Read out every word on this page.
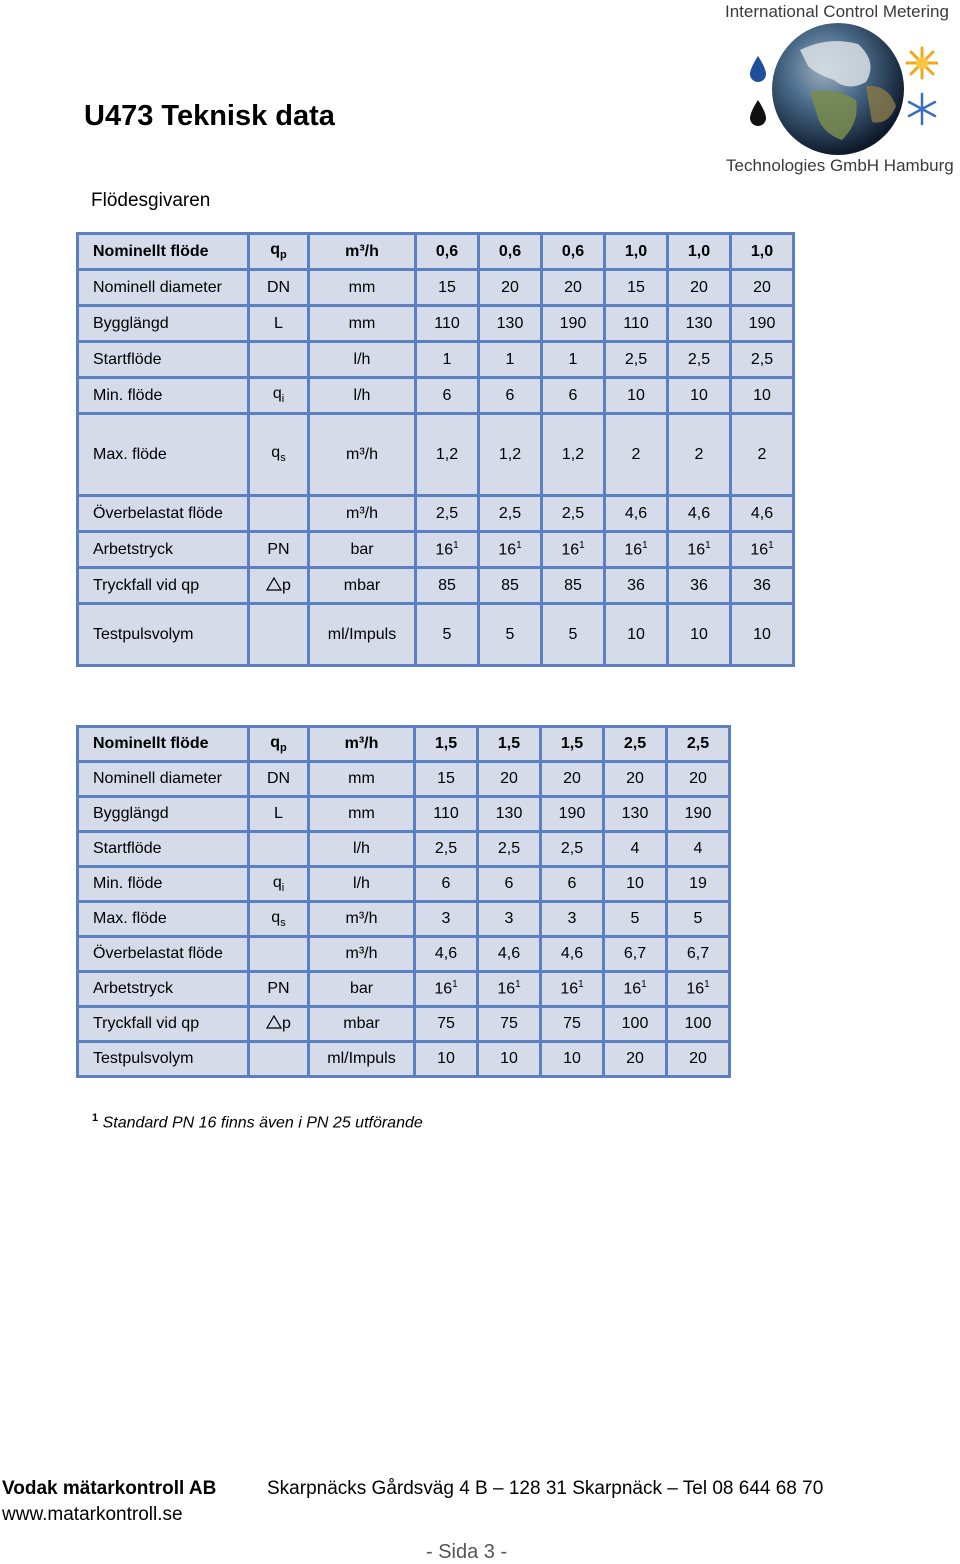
International Control Metering
Technologies GmbH Hamburg
U473 Teknisk data
Flödesgivaren
Nominellt flöde	$q_p$	m³/h	0,6	0,6	0,6	1,0	1,0	1,0
Nominell diameter	DN	mm	15	20	20	15	20	20
Bygglängd	L	mm	110	130	190	110	130	190
Startflöde		l/h	1	1	1	2,5	2,5	2,5
Min. flöde	$q_i$	l/h	6	6	6	10	10	10
Max. flöde	$q_s$	m³/h	1,2	1,2	1,2	2	2	2
Överbelastat flöde		m³/h	2,5	2,5	2,5	4,6	4,6	4,6
Arbetstryck	PN	bar	$16^1$	$16^1$	$16^1$	$16^1$	$16^1$	$16^1$
Tryckfall vid qp	p	mbar	85	85	85	36	36	36
Testpulsvolym		ml/Impuls	5	5	5	10	10	10
Nominellt flöde	$q_p$	m³/h	1,5	1,5	1,5	2,5	2,5
Nominell diameter	DN	mm	15	20	20	20	20
Bygglängd	L	mm	110	130	190	130	190
Startflöde		l/h	2,5	2,5	2,5	4	4
Min. flöde	$q_i$	l/h	6	6	6	10	19
Max. flöde	$q_s$	m³/h	3	3	3	5	5
Överbelastat flöde		m³/h	4,6	4,6	4,6	6,7	6,7
Arbetstryck	PN	bar	$16^1$	$16^1$	$16^1$	$16^1$	$16^1$
Tryckfall vid qp	p	mbar	75	75	75	100	100
Testpulsvolym		ml/Impuls	10	10	10	20	20
$^1$ Standard PN 16 finns även i PN 25 utförande
Vodak mätarkontroll AB	Skarpnäcks Gårdsväg 4 B – 128 31 Skarpnäck – Tel 08 644 68 70
www.matarkontroll.se
- Sida 3 -
